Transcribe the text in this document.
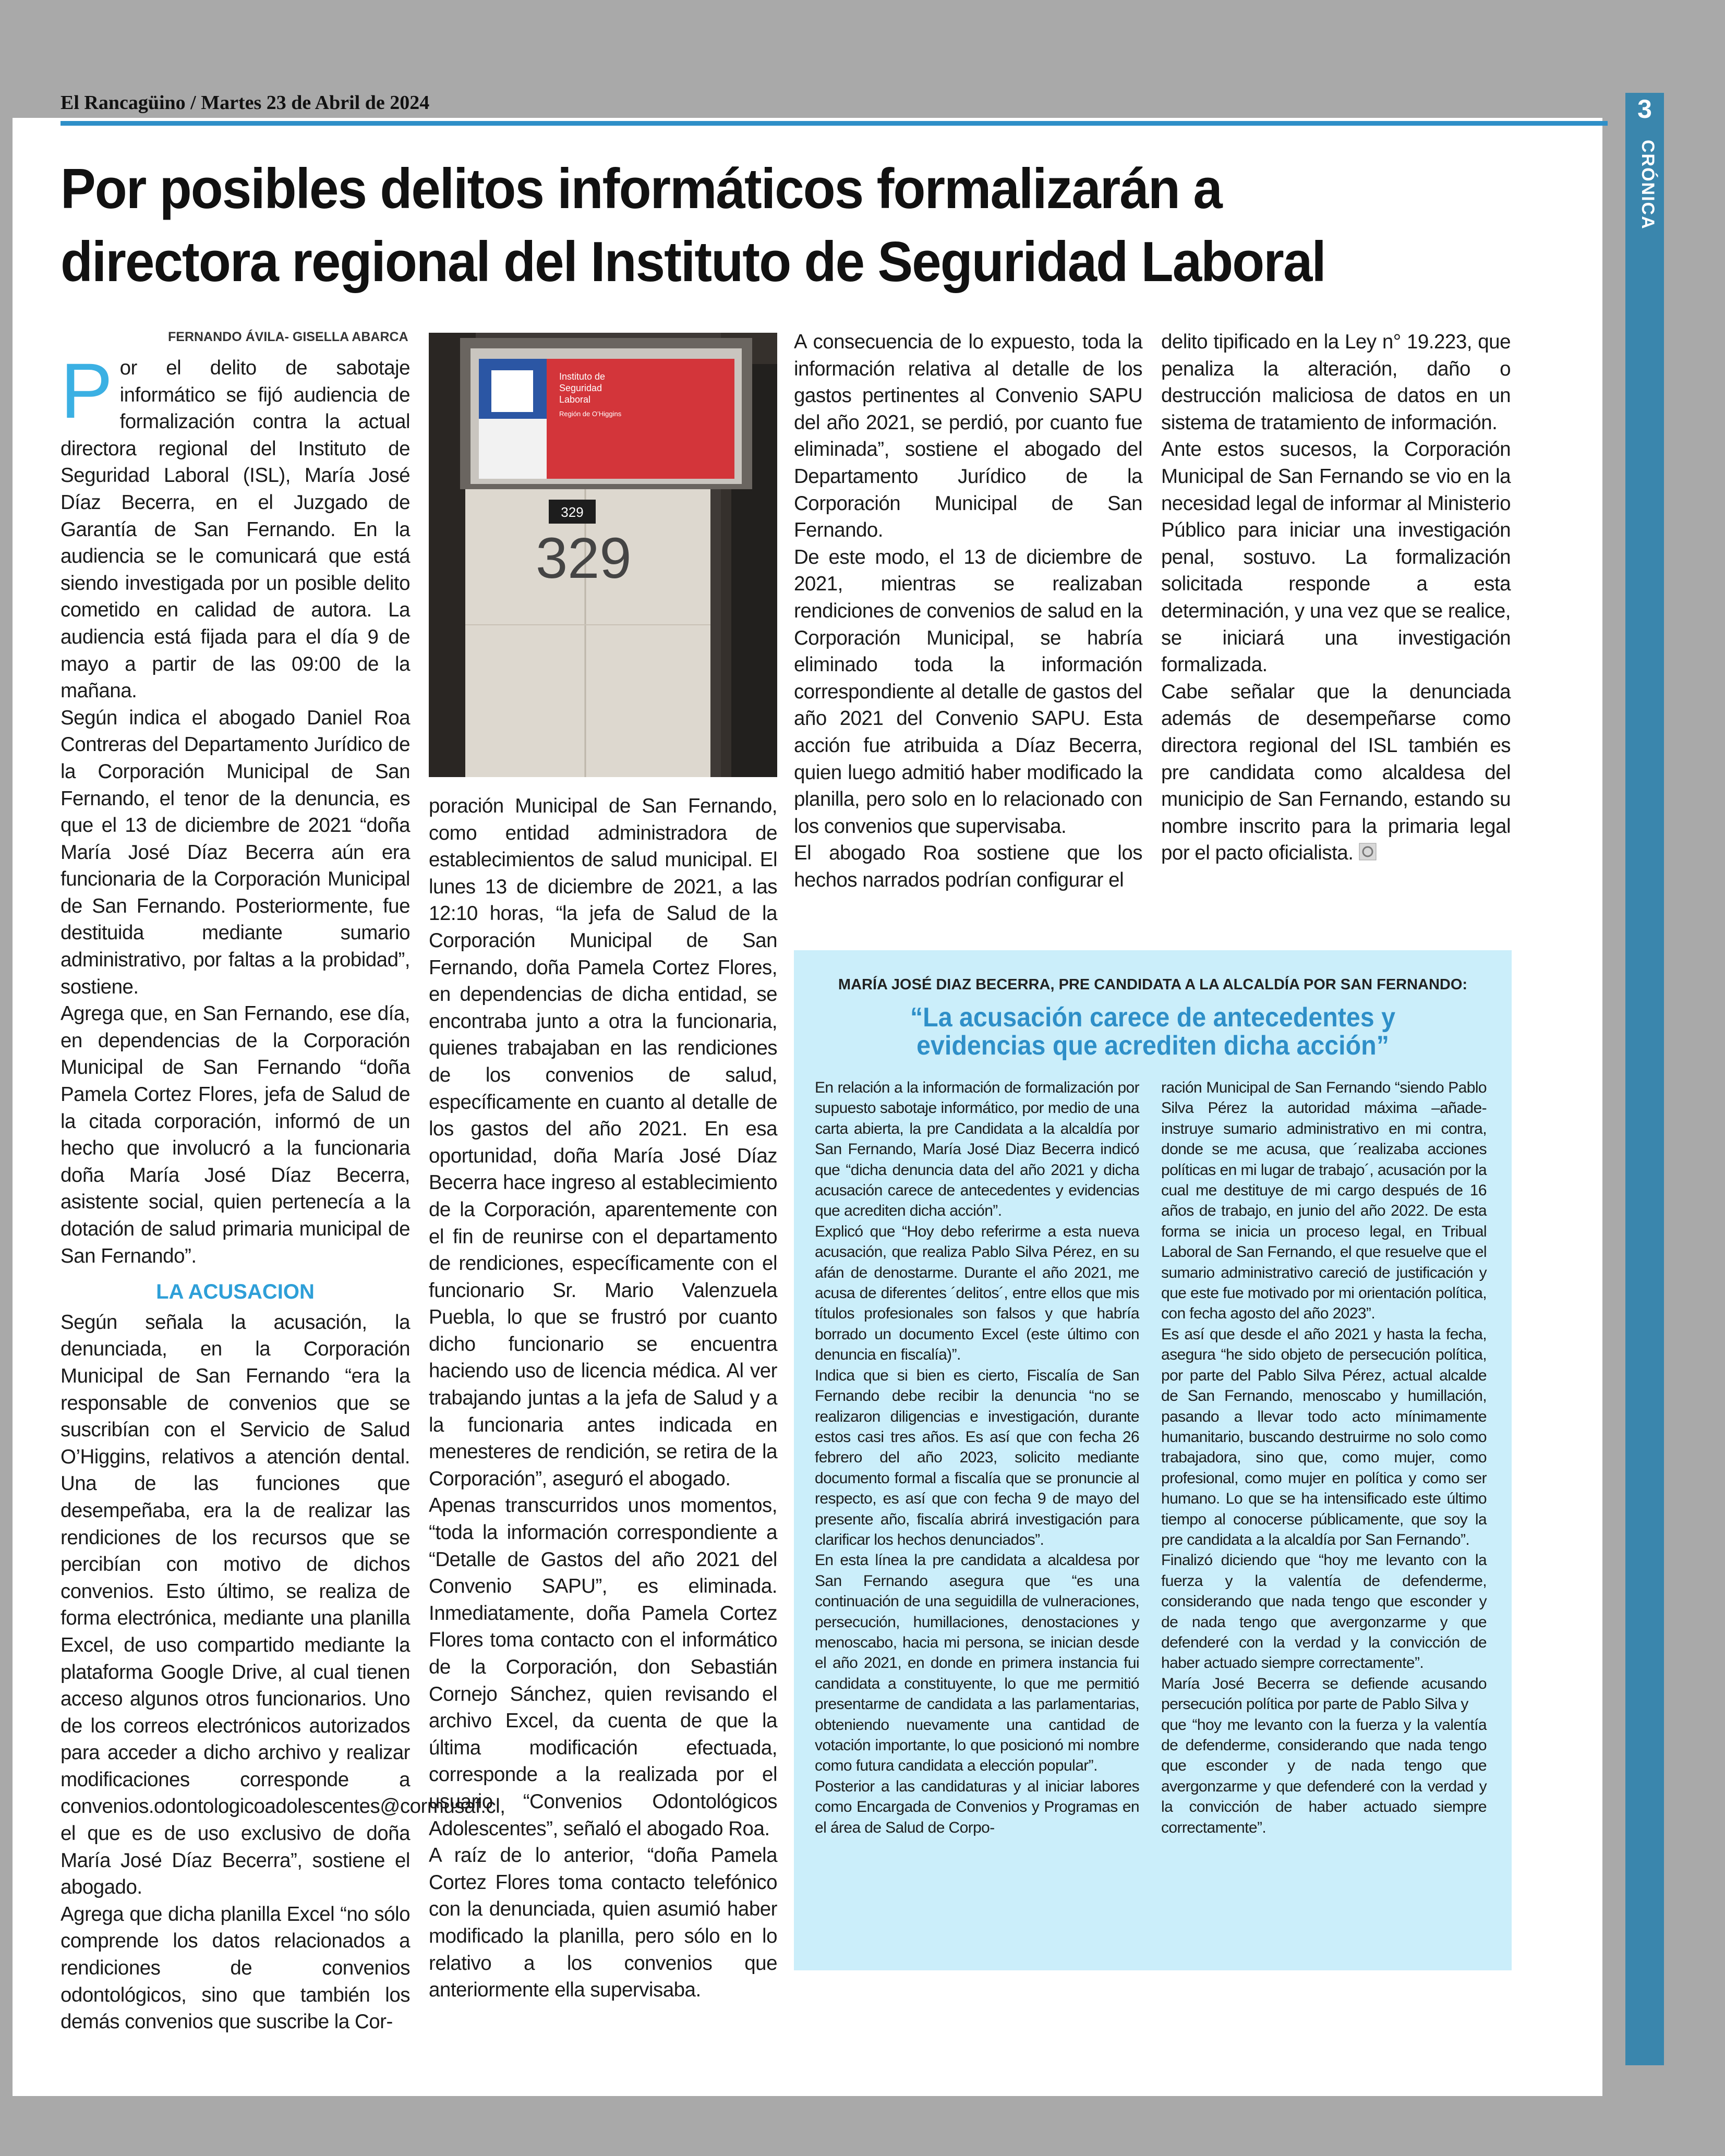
El Rancagüino / Martes 23 de Abril de 2024	3
CRÓNICA
Por posibles delitos informáticos formalizarán a
directora regional del Instituto de Seguridad Laboral
FERNANDO ÁVILA- GISELLA ABARCA

Por el delito de sabotaje informático se fijó audiencia de formalización contra la actual directora regional del Instituto de Seguridad Laboral (ISL), María José Díaz Becerra, en el Juzgado de Garantía de San Fernando. En la audiencia se le comunicará que está siendo investigada por un posible delito cometido en calidad de autora. La audiencia está fijada para el día 9 de mayo a partir de las 09:00 de la mañana.

Según indica el abogado Daniel Roa Contreras del Departamento Jurídico de la Corporación Municipal de San Fernando, el tenor de la denuncia, es que el 13 de diciembre de 2021 “doña María José Díaz Becerra aún era funcionaria de la Corporación Municipal de San Fernando. Posteriormente, fue destituida mediante sumario administrativo, por faltas a la probidad”, sostiene.

Agrega que, en San Fernando, ese día, en dependencias de la Corporación Municipal de San Fernando “doña Pamela Cortez Flores, jefa de Salud de la citada corporación, informó de un hecho que involucró a la funcionaria doña María José Díaz Becerra, asistente social, quien pertenecía a la dotación de salud primaria municipal de San Fernando”.

LA ACUSACION

Según señala la acusación, la denunciada, en la Corporación Municipal de San Fernando “era la responsable de convenios que se suscribían con el Servicio de Salud O’Higgins, relativos a atención dental. Una de las funciones que desempeñaba, era la de realizar las rendiciones de los recursos que se percibían con motivo de dichos convenios. Esto último, se realiza de forma electrónica, mediante una planilla Excel, de uso compartido mediante la plataforma Google Drive, al cual tienen acceso algunos otros funcionarios. Uno de los correos electrónicos autorizados para acceder a dicho archivo y realizar modificaciones corresponde a convenios.odontologicoadolescentes@cormusaf.cl, el que es de uso exclusivo de doña María José Díaz Becerra”, sostiene el abogado.

Agrega que dicha planilla Excel “no sólo comprende los datos relacionados a rendiciones de convenios odontológicos, sino que también los demás convenios que suscribe la Cor-

Instituto de
Seguridad
Laboral
Región de O’Higgins
329
329

poración Municipal de San Fernando, como entidad administradora de establecimientos de salud municipal. El lunes 13 de diciembre de 2021, a las 12:10 horas, “la jefa de Salud de la Corporación Municipal de San Fernando, doña Pamela Cortez Flores, en dependencias de dicha entidad, se encontraba junto a otra la funcionaria, quienes trabajaban en las rendiciones de los convenios de salud, específicamente en cuanto al detalle de los gastos del año 2021. En esa oportunidad, doña María José Díaz Becerra hace ingreso al establecimiento de la Corporación, aparentemente con el fin de reunirse con el departamento de rendiciones, específicamente con el funcionario Sr. Mario Valenzuela Puebla, lo que se frustró por cuanto dicho funcionario se encuentra haciendo uso de licencia médica. Al ver trabajando juntas a la jefa de Salud y a la funcionaria antes indicada en menesteres de rendición, se retira de la Corporación”, aseguró el abogado.

Apenas transcurridos unos momentos, “toda la información correspondiente a “Detalle de Gastos del año 2021 del Convenio SAPU”, es eliminada. Inmediatamente, doña Pamela Cortez Flores toma contacto con el informático de la Corporación, don Sebastián Cornejo Sánchez, quien revisando el archivo Excel, da cuenta de que la última modificación efectuada, corresponde a la realizada por el usuario “Convenios Odontológicos Adolescentes”, señaló el abogado Roa.

A raíz de lo anterior, “doña Pamela Cortez Flores toma contacto telefónico con la denunciada, quien asumió haber modificado la planilla, pero sólo en lo relativo a los convenios que anteriormente ella supervisaba.

A consecuencia de lo expuesto, toda la información relativa al detalle de los gastos pertinentes al Convenio SAPU del año 2021, se perdió, por cuanto fue eliminada”, sostiene el abogado del Departamento Jurídico de la Corporación Municipal de San Fernando.

De este modo, el 13 de diciembre de 2021, mientras se realizaban rendiciones de convenios de salud en la Corporación Municipal, se habría eliminado toda la información correspondiente al detalle de gastos del año 2021 del Convenio SAPU. Esta acción fue atribuida a Díaz Becerra, quien luego admitió haber modificado la planilla, pero solo en lo relacionado con los convenios que supervisaba.

El abogado Roa sostiene que los hechos narrados podrían configurar el

delito tipificado en la Ley n° 19.223, que penaliza la alteración, daño o destrucción maliciosa de datos en un sistema de tratamiento de información.

Ante estos sucesos, la Corporación Municipal de San Fernando se vio en la necesidad legal de informar al Ministerio Público para iniciar una investigación penal, sostuvo. La formalización solicitada responde a esta determinación, y una vez que se realice, se iniciará una investigación formalizada.

Cabe señalar que la denunciada además de desempeñarse como directora regional del ISL también es pre candidata como alcaldesa del municipio de San Fernando, estando su nombre inscrito para la primaria legal por el pacto oficialista.

MARÍA JOSÉ DIAZ BECERRA, PRE CANDIDATA A LA ALCALDÍA POR SAN FERNANDO:
“La acusación carece de antecedentes y
evidencias que acrediten dicha acción”

En relación a la información de formalización por supuesto sabotaje informático, por medio de una carta abierta, la pre Candidata a la alcaldía por San Fernando, María José Diaz Becerra indicó que “dicha denuncia data del año 2021 y dicha acusación carece de antecedentes y evidencias que acrediten dicha acción”.

Explicó que “Hoy debo referirme a esta nueva acusación, que realiza Pablo Silva Pérez, en su afán de denostarme. Durante el año 2021, me acusa de diferentes ´delitos´, entre ellos que mis títulos profesionales son falsos y que habría borrado un documento Excel (este último con denuncia en fiscalía)”.

Indica que si bien es cierto, Fiscalía de San Fernando debe recibir la denuncia “no se realizaron diligencias e investigación, durante estos casi tres años. Es así que con fecha 26 febrero del año 2023, solicito mediante documento formal a fiscalía que se pronuncie al respecto, es así que con fecha 9 de mayo del presente año, fiscalía abrirá investigación para clarificar los hechos denunciados”.

En esta línea la pre candidata a alcaldesa por San Fernando asegura que “es una continuación de una seguidilla de vulneraciones, persecución, humillaciones, denostaciones y menoscabo, hacia mi persona, se inician desde el año 2021, en donde en primera instancia fui candidata a constituyente, lo que me permitió presentarme de candidata a las parlamentarias, obteniendo nuevamente una cantidad de votación importante, lo que posicionó mi nombre como futura candidata a elección popular”.

Posterior a las candidaturas y al iniciar labores como Encargada de Convenios y Programas en el área de Salud de Corpo-

ración Municipal de San Fernando “siendo Pablo Silva Pérez la autoridad máxima –añade- instruye sumario administrativo en mi contra, donde se me acusa, que ´realizaba acciones políticas en mi lugar de trabajo´, acusación por la cual me destituye de mi cargo después de 16 años de trabajo, en junio del año 2022. De esta forma se inicia un proceso legal, en Tribual Laboral de San Fernando, el que resuelve que el sumario administrativo careció de justificación y que este fue motivado por mi orientación política, con fecha agosto del año 2023”.

Es así que desde el año 2021 y hasta la fecha, asegura “he sido objeto de persecución política, por parte del Pablo Silva Pérez, actual alcalde de San Fernando, menoscabo y humillación, pasando a llevar todo acto mínimamente humanitario, buscando destruirme no solo como trabajadora, sino que, como mujer, como profesional, como mujer en política y como ser humano. Lo que se ha intensificado este último tiempo al conocerse públicamente, que soy la pre candidata a la alcaldía por San Fernando”.

Finalizó diciendo que “hoy me levanto con la fuerza y la valentía de defenderme, considerando que nada tengo que esconder y de nada tengo que avergonzarme y que defenderé con la verdad y la convicción de haber actuado siempre correctamente”.

María José Becerra se defiende acusando persecución política por parte de Pablo Silva y

que “hoy me levanto con la fuerza y la valentía de defenderme, considerando que nada tengo que esconder y de nada tengo que avergonzarme y que defenderé con la verdad y la convicción de haber actuado siempre correctamente”.
